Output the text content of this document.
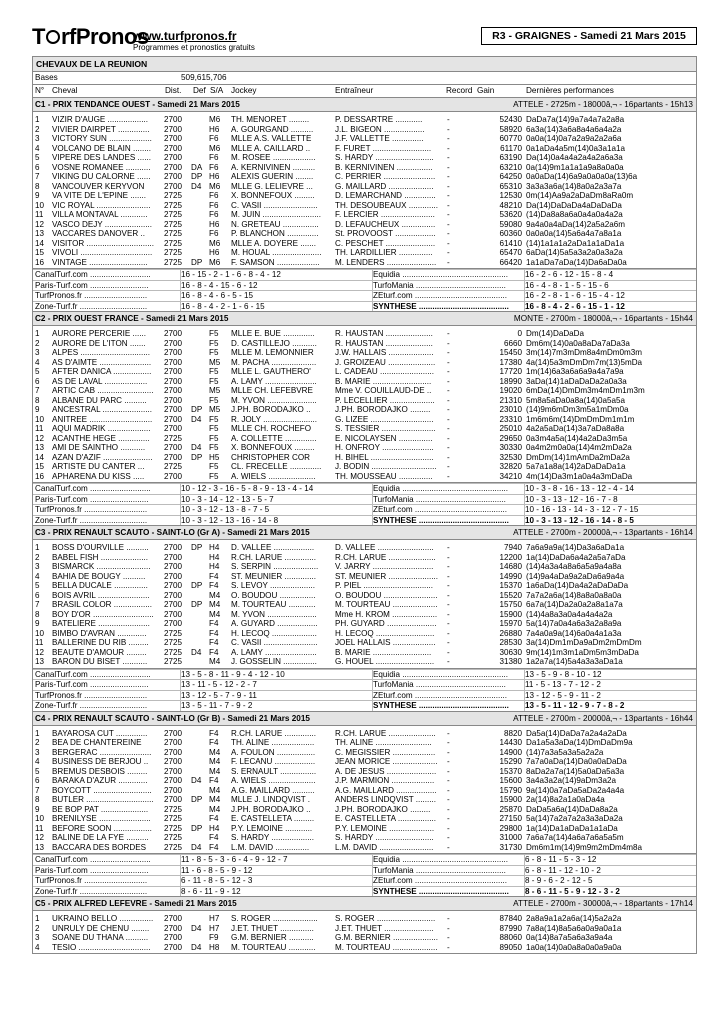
T rfPronos
www.turfpronos.fr
Programmes et pronostics gratuits
R3 - GRAIGNES - Samedi 21 Mars 2015
CHEVAUX DE LA REUNION
Bases	509,615,706
N° Cheval	Dist. Def S/A Jockey	Entraîneur	Record Gain	Dernières performances
C1 - PRIX TENDANCE OUEST - Samedi 21 Mars 2015	ATTELE - 2725m - 18000â‚¬ - 16partants - 15h13
1	VIZIR D'AUGE ..................	2700	M6	TH. MENORET .........	P. DESSARTRE ............	-	52430 DaDa7a(14)9a7a4a7a2a8a
2	VIVIER DAIRPET ..............	2700	H6	A. GOURGAND ..........	J.L. BIGEON ..................	-	58920 6a3a(14)3a6a8a4a6a4a2a
3	VICTORY SUN ...................	2700	F6	MLLE A.S. VALLETTE	J.F. VALLETTE ..............	-	60770 0a0a(14)0a7a2a9a2a2a6a
4	VOLCANO DE BLAIN ........	2700	M6	MLLE A. CAILLARD ..	F. FURET ..........................	-	61170 0a1aDa4a5m(14)0a3a1a1a
5	VIPERE DES LANDES ......	2700	F6	M. ROSEE ...................	S. HARDY ..........................	-	63190 Da(14)0a4a4a2a4a2a6a3a
6	VOSNE ROMANEE ...........	2700	DA F6	A. KERNIVINEN ..........	B. KERNIVINEN ................	-	63210 0a(14)9m1a1a1a9a8a0a0a
7	VIKING DU CALORNE ......	2700	DP H6	ALEXIS GUERIN ........	C. PERRIER .......................	-	64250 0a0aDa(14)6a9a0a0a0a(13)6a
8	VANCOUVER KERYVON	2700	D4 M6	MLLE G. LELIEVRE ...	G. MAILLARD ....................	-	65310 3a3a3a6a(14)8a0a2a3a7a
9	VA VITE DE L'EPINE .......	2725	F6	X. BONNEFOUX .........	D. LEMARCHAND ..............	-	12530 0m(14)Aa9a2aDaDm8aRa0m
10 VIC ROYAL ........................	2725	F6	C. VASII ........................	TH. DESOUBEAUX .............	-	48210 Da(14)DaDaDa4aDaDaDa
11	VILLA MONTAVAL ............	2725	F6	M. JUIN ..........................	F. LERCIER ........................	-	53620 (14)Da8a8a6a0a4a0a4a2a
12 VASCO DEJY .....................	2725	H6	N. GRETEAU ................	D. LEFAUCHEUX ...............	-	59080 9a4a0a4aDa(14)2a5a2a6m
13 VACCARES DANOVER ..	2725	F6	P. BLANCHON ..............	St. PROVOOST ..................	-	60360 0a0a0a(14)5a6a4a7a8a1a
14 VISITOR ..............................	2725	M6	MLLE A. DOYERE .......	C. PESCHET ......................	-	61410 (14)1a1a1a2aDa1a1aDa1a
15 VIVOLI ................................	2725	H6	M. HOUAL ......................	TH. LARDILLIER ...............	-	65470 6aDa(14)5a5a3a2a0a3a2a
16 VINTAGE ..........................	2725	DP M6	F. SAMSON ...................	M. LENDERS ......................	-	66420 1a1aDa7aDa(14)Da6aDa0a
CanalTurf.com ...........................	16 - 15 - 2 - 1 - 6 - 8 - 4 - 12	Equidia ...............................................	16 - 2 - 6 - 12 - 15 - 8 - 4
Paris-Turf.com ..........................	16 - 8 - 4 - 15 - 6 - 12	TurfoMania ........................................	16 - 4 - 8 - 1 - 5 - 15 - 6
TurfPronos.fr ............................	16 - 8 - 4 - 6 - 5 - 15	ZEturf.com .........................................	16 - 2 - 8 - 1 - 6 - 15 - 4 - 12
Zone-Turf.fr ..............................	16 - 8 - 4 - 2 - 1 - 6 - 15	SYNTHESE ........................................	16 - 8 - 4 - 2 - 6 - 15 - 1 - 12
C2 - PRIX OUEST FRANCE - Samedi 21 Mars 2015	MONTE - 2700m - 18000â‚¬ - 16partants - 15h44
1	AURORE PERCERIE ......	2700	F5	MLLE E. BUE ..............	R. HAUSTAN .....................	-	0 Dm(14)DaDaDa
2	AURORE DE L'ITON .......	2700	F5	D. CASTILLEJO ...........	R. HAUSTAN .....................	-	6660 Dm6m(14)0a0a8aDa7aDa3a
3	ALPES ...............................	2700	F5	MLLE M. LEMONNIER	J.W. HALLAIS ....................	-	15450 3m(14)7m3mDm8a4mDm0m3m
4	AS D'AIMTE .......................	2700	M5	M. PACHA ....................	J. GROIZEAU .....................	-	17380 4a(14)5a3mDmDm7m(13)5mDa
5	AFTER DANICA .................	2700	F5	MLLE L. GAUTHERO'	L. CADEAU ........................	-	17720 1m(14)6a3a6a6a9a4a7a9a
6	AS DE LAVAL ...................	2700	F5	A. LAMY .......................	B. MARIE ..........................	-	18990 3aDa(14)1aDaDaDa2a0a3a
7	ARTIC CAB .........................	2700	M5	MLLE CH. LEFEBVRE	Mme V. COUILLAUD-DE ..	-	19020 6mDa(14)DmDm3m4mDm1m3m
8	ALBANE DU PARC ..........	2700	F5	M. YVON ......................	P. LECELLIER ....................	-	21310 5m8a5aDa0a8a(14)0a5a5a
9	ANCESTRAL ......................	2700	DP M5	J.PH. BORODAJKO ..	J.PH. BORODAJKO .........	-	23010 (14)9m6mDm3m5a1mDm0a
10 ANITREE ............................	2700	D4 F5	R. JOLY ........................	G. LIZEE ............................	-	23310 1m6m6m(14)DmDmDm1m1m
11	AQUI MADRIK ...................	2700	F5	MLLE CH. ROCHEFO	S. TESSIER ........................	-	25010 4a2a5aDa(14)3a7aDa8a8a
12 ACANTHE HEGE ..............	2725	F5	A. COLLETTE ..............	E. NICOLAYSEN ...............	-	29650 0a3m4a5a(14)4a2aDa3m5a
13 AMI DE SAINTHO ...........	2700	D4 F5	X. BONNEFOUX .........	H. ONFROY .......................	-	30330 0a4m2m0a0a(14)4m2mDa2a
14 AZAN D'AZIF ......................	2700	DP H5	CHRISTOPHER COR	H. BIHEL ............................	-	32530 DmDm(14)1mAmDa2mDa2a
15 ARTISTE DU CANTER ...	2725	F5	CL. FRECELLE ..............	J. BODIN .............................	-	32820 5a7a1a8a(14)2aDaDaDa1a
16 APHARENA DU KISS .....	2700	F5	A. WIELS .....................	TH. MOUSSEAU ...............	-	34210 4m(14)Da3m1a0a4a3mDaDa
CanalTurf.com ...........................	10 - 12 - 3 - 16 - 5 - 8 - 9 - 13 - 4 - 14	Equidia ...............................................	10 - 3 - 8 - 16 - 13 - 12 - 4 - 14
Paris-Turf.com ..........................	10 - 3 - 14 - 12 - 13 - 5 - 7	TurfoMania ........................................	10 - 3 - 13 - 12 - 16 - 7 - 8
TurfPronos.fr ............................	10 - 3 - 12 - 13 - 8 - 7 - 5	ZEturf.com .........................................	10 - 16 - 13 - 14 - 3 - 12 - 7 - 15
Zone-Turf.fr ..............................	10 - 3 - 12 - 13 - 16 - 14 - 8	SYNTHESE ........................................	10 - 3 - 13 - 12 - 16 - 14 - 8 - 5
C3 - PRIX RENAULT SCAUTO - SAINT-LO (Gr A) - Samedi 21 Mars 2015	ATTELE - 2700m - 20000â‚¬ - 13partants - 16h14
1	BOSS D'OURVILLE ..........	2700	DP H4	D. VALLEE ..................	D. VALLEE .........................	-	7940 7a6a9a9a(14)Da3a6aDa1a
2	BABEL FISH .....................	2700	H4	R.CH. LARUE ..............	R.CH. LARUE .....................	-	12200 1a(14)DaDa6a4a2a5a7aDa
3	BISMARCK ........................	2700	H4	S. SERPIN ....................	V. JARRY ...........................	-	14680 (14)4a3a4a8a6a5a9a4a8a
4	BAHIA DE BOUGY ..........	2700	F4	ST. MEUNIER ..............	ST. MEUNIER ......................	-	14990 (14)9a4aDa9a2aDa6a9a4a
5	BELLA DUCALE ...............	2700	DP F4	S. LEVOY ....................	P. PIEL ...............................	-	15370 1a6aDa(14)Da4a2aDaDaDa
6	BOIS AVRIL .......................	2700	M4	O. BOUDOU ................	O. BOUDOU ........................	-	15520 7a7a2a6a(14)8a8a0a8a0a
7	BRASIL COLOR .................	2700	DP M4	M. TOURTEAU ............	M. TOURTEAU ....................	-	15750 6a7a(14)Da2a0a2a8a1a7a
8	BOY D'OR ...........................	2700	M4	M. YVON ......................	Mme H. KROM ....................	-	15900 (14)4a8a3a0a4a4a4a2a
9	BATELIERE .......................	2700	F4	A. GUYARD ..................	PH. GUYARD ......................	-	15970 5a(14)7a0a4a6a3a2a8a9a
10 BIMBO D'AVRAN .............	2725	F4	H. LECOQ ....................	H. LECOQ ..........................	-	26880 7a4a0a9a(14)6a0a4a1a3a
11	BALLERINE DU RIB .........	2725	F4	C. VASII ........................	JOEL HALLAIS ...................	-	28530 3a(14)Dm1mDa9aDm2mDmDm
12 BEAUTE D'AMOUR .........	2725	D4 F4	A. LAMY .......................	B. MARIE ..........................	-	30630 9m(14)1m3m1aDm5m3mDaDa
13 BARON DU BISET ...........	2725	M4	J. GOSSELIN ...............	G. HOUEL ..........................	-	31380 1a2a7a(14)5a4a3a3aDa1a
CanalTurf.com ...........................	13 - 5 - 8 - 11 - 9 - 4 - 12 - 10	Equidia ...............................................	13 - 5 - 9 - 8 - 10 - 12
Paris-Turf.com ..........................	13 - 11 - 5 - 12 - 2 - 7	TurfoMania ........................................	11 - 5 - 13 - 7 - 12 - 2
TurfPronos.fr ............................	13 - 12 - 5 - 7 - 9 - 11	ZEturf.com .........................................	13 - 12 - 5 - 9 - 11 - 2
Zone-Turf.fr ..............................	13 - 5 - 11 - 7 - 9 - 2	SYNTHESE ........................................	13 - 5 - 11 - 12 - 9 - 7 - 8 - 2
C4 - PRIX RENAULT SCAUTO - SAINT-LO (Gr B) - Samedi 21 Mars 2015	ATTELE - 2700m - 20000â‚¬ - 13partants - 16h44
1	BAYAROSA CUT ..............	2700	F4	R.CH. LARUE ..............	R.CH. LARUE .....................	-	8820 Da5a(14)DaDa7a2a4a2aDa
2	BEA DE CHANTEREINE	2700	F4	TH. ALINE ...................	TH. ALINE .........................	-	14430 Da1a5a3aDa(14)DmDaDm9a
3	BERGERAC .......................	2700	M4	A. FOULON .................	C. MEGISSIER ...................	-	14900 (14)7a3a5a3a5a2a2a
4	BUSINESS DE BERJOU ..	2700	M4	F. LECANU ..................	JEAN MORICE ....................	-	15290 7a7a0aDa(14)Da0a0aDaDa
5	BREMUS DESBOIS .........	2700	M4	S. ERNAULT ................	A. DE JESUS ......................	-	15370 8aDa2a7a(14)5a0aDa5a3a
6	BARAKA D'AZUR .............	2700	D4 F4	A. WIELS .....................	J.P. MARMION ...................	-	15600 3a4a3a2a(14)9aDm3a2a
7	BOYCOTT ..........................	2700	M4	A.G. MAILLARD ..........	A.G. MAILLARD ..................	-	15790 9a(14)0a7aDa5aDa2a4a4a
8	BUTLER ..............................	2700	DP M4	MLLE J. LINDQVIST .	ANDERS LINDQVIST .........	-	15900 2a(14)8a2a1a0aDa4a
9	BE BOP PAT .....................	2725	M4	J.PH. BORODAJKO ..	J.PH. BORODAJKO .........	-	25870 DaDa5a6a(14)DaDa8a2a
10 BRENILYSE .......................	2725	F4	E. CASTELLETA .........	E. CASTELLETA .................	-	27150 5a(14)7a2a7a2a3a3aDa2a
11	BEFORE SOON .................	2725	DP H4	P.Y. LEMOINE ............	P.Y. LEMOINE ....................	-	29800 1a(14)Da1aDaDa1a1aDa
12 BALINE DE LA FYE ..........	2725	F4	S. HARDY ...................	S. HARDY ..........................	-	31000 7a6a7a(14)4a6a7a6a5a5m
13 BACCARA DES BORDES	2725	D4 F4	L.M. DAVID ...............	L.M. DAVID ........................	-	31730 Dm6m1m(14)9m9m2mDm4m8a
CanalTurf.com ...........................	11 - 8 - 5 - 3 - 6 - 4 - 9 - 12 - 7	Equidia ...............................................	6 - 8 - 11 - 5 - 3 - 12
Paris-Turf.com ..........................	11 - 6 - 8 - 5 - 9 - 12	TurfoMania ........................................	6 - 8 - 11 - 12 - 10 - 2
TurfPronos.fr ............................	6 - 11 - 8 - 5 - 12 - 3	ZEturf.com .........................................	8 - 9 - 6 - 2 - 12 - 5
Zone-Turf.fr ..............................	8 - 6 - 11 - 9 - 12	SYNTHESE ........................................	8 - 6 - 11 - 5 - 9 - 12 - 3 - 2
C5 - PRIX ALFRED LEFEVRE - Samedi 21 Mars 2015	ATTELE - 2700m - 30000â‚¬ - 18partants - 17h14
1	UKRAINO BELLO ...............	2700	H7	S. ROGER ....................	S. ROGER ..........................	-	87840 2a8a9a1a2a6a(14)5a2a2a
2	UNRULY DE CHENU ........	2700	D4 H7	J.ET. THUET ...............	J.ET. THUET ......................	-	87990 7a8a(14)8a5a6a0a9a0a1a
3	SOANE DU THANA ..........	2700	F9	G.M. BERNIER ...........	G.M. BERNIER ....................	-	88060 0a(14)8a7a5a6a3a9a4a
4	TESIO ................................	2700	D4 H8	M. TOURTEAU ............	M. TOURTEAU ....................	-	89050 1a0a(14)0a0a8a0a0a9a0a
